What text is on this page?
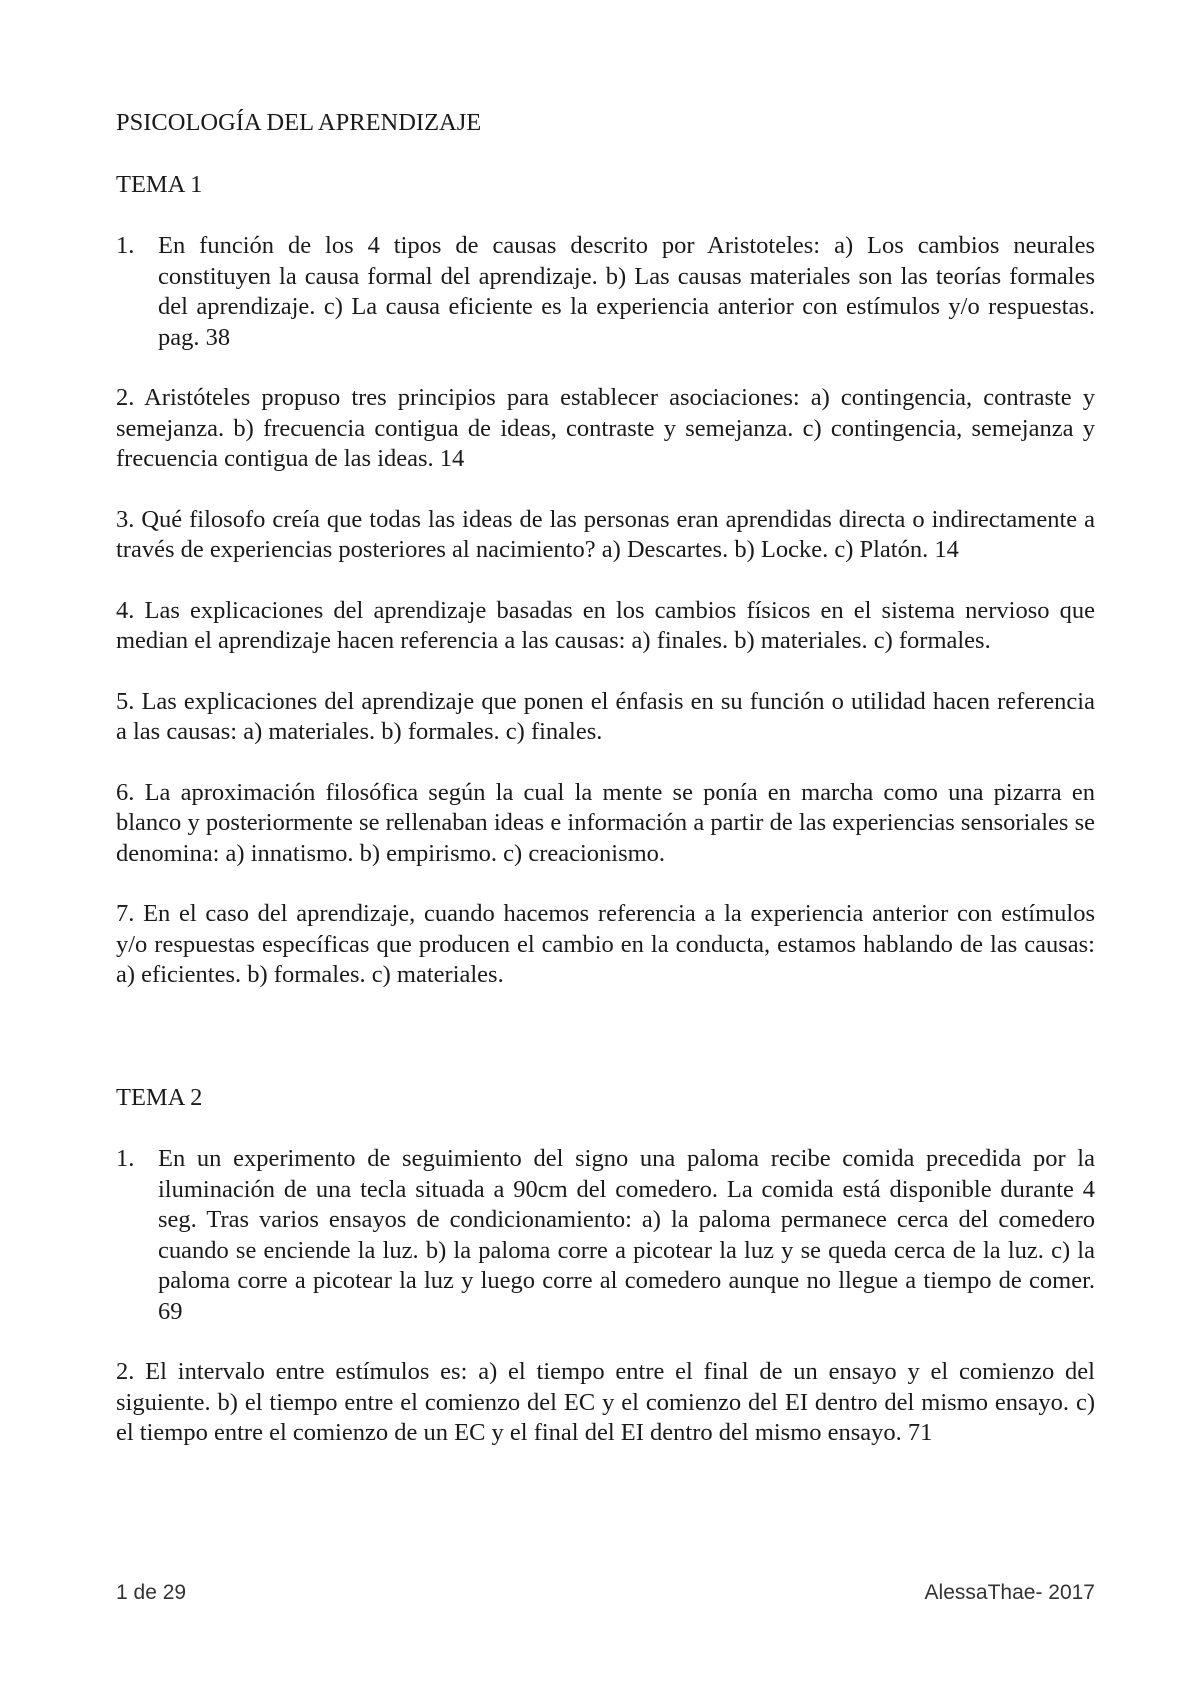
PSICOLOGÍA DEL APRENDIZAJE

TEMA 1

1. En función de los 4 tipos de causas descrito por Aristoteles: a) Los cambios neurales constituyen la causa formal del aprendizaje. b) Las causas materiales son las teorías formales del aprendizaje. c) La causa eficiente es la experiencia anterior con estímulos y/o respuestas. pag. 38

2. Aristóteles propuso tres principios para establecer asociaciones: a) contingencia, contraste y semejanza. b) frecuencia contigua de ideas, contraste y semejanza. c) contingencia, semejanza y frecuencia contigua de las ideas. 14

3. Qué filosofo creía que todas las ideas de las personas eran aprendidas directa o indirectamente a través de experiencias posteriores al nacimiento? a) Descartes. b) Locke. c) Platón. 14

4. Las explicaciones del aprendizaje basadas en los cambios físicos en el sistema nervioso que median el aprendizaje hacen referencia a las causas: a) finales. b) materiales. c) formales.

5. Las explicaciones del aprendizaje que ponen el énfasis en su función o utilidad hacen referencia a las causas: a) materiales. b) formales. c) finales.

6. La aproximación filosófica según la cual la mente se ponía en marcha como una pizarra en blanco y posteriormente se rellenaban ideas e información a partir de las experiencias sensoriales se denomina: a) innatismo. b) empirismo. c) creacionismo.

7. En el caso del aprendizaje, cuando hacemos referencia a la experiencia anterior con estímulos y/o respuestas específicas que producen el cambio en la conducta, estamos hablando de las causas: a) eficientes. b) formales. c) materiales.

TEMA 2

1. En un experimento de seguimiento del signo una paloma recibe comida precedida por la iluminación de una tecla situada a 90cm del comedero. La comida está disponible durante 4 seg. Tras varios ensayos de condicionamiento: a) la paloma permanece cerca del comedero cuando se enciende la luz. b) la paloma corre a picotear la luz y se queda cerca de la luz. c) la paloma corre a picotear la luz y luego corre al comedero aunque no llegue a tiempo de comer. 69

2. El intervalo entre estímulos es: a) el tiempo entre el final de un ensayo y el comienzo del siguiente. b) el tiempo entre el comienzo del EC y el comienzo del EI dentro del mismo ensayo. c) el tiempo entre el comienzo de un EC y el final del EI dentro del mismo ensayo. 71

1 de 29	AlessaThae- 2017
